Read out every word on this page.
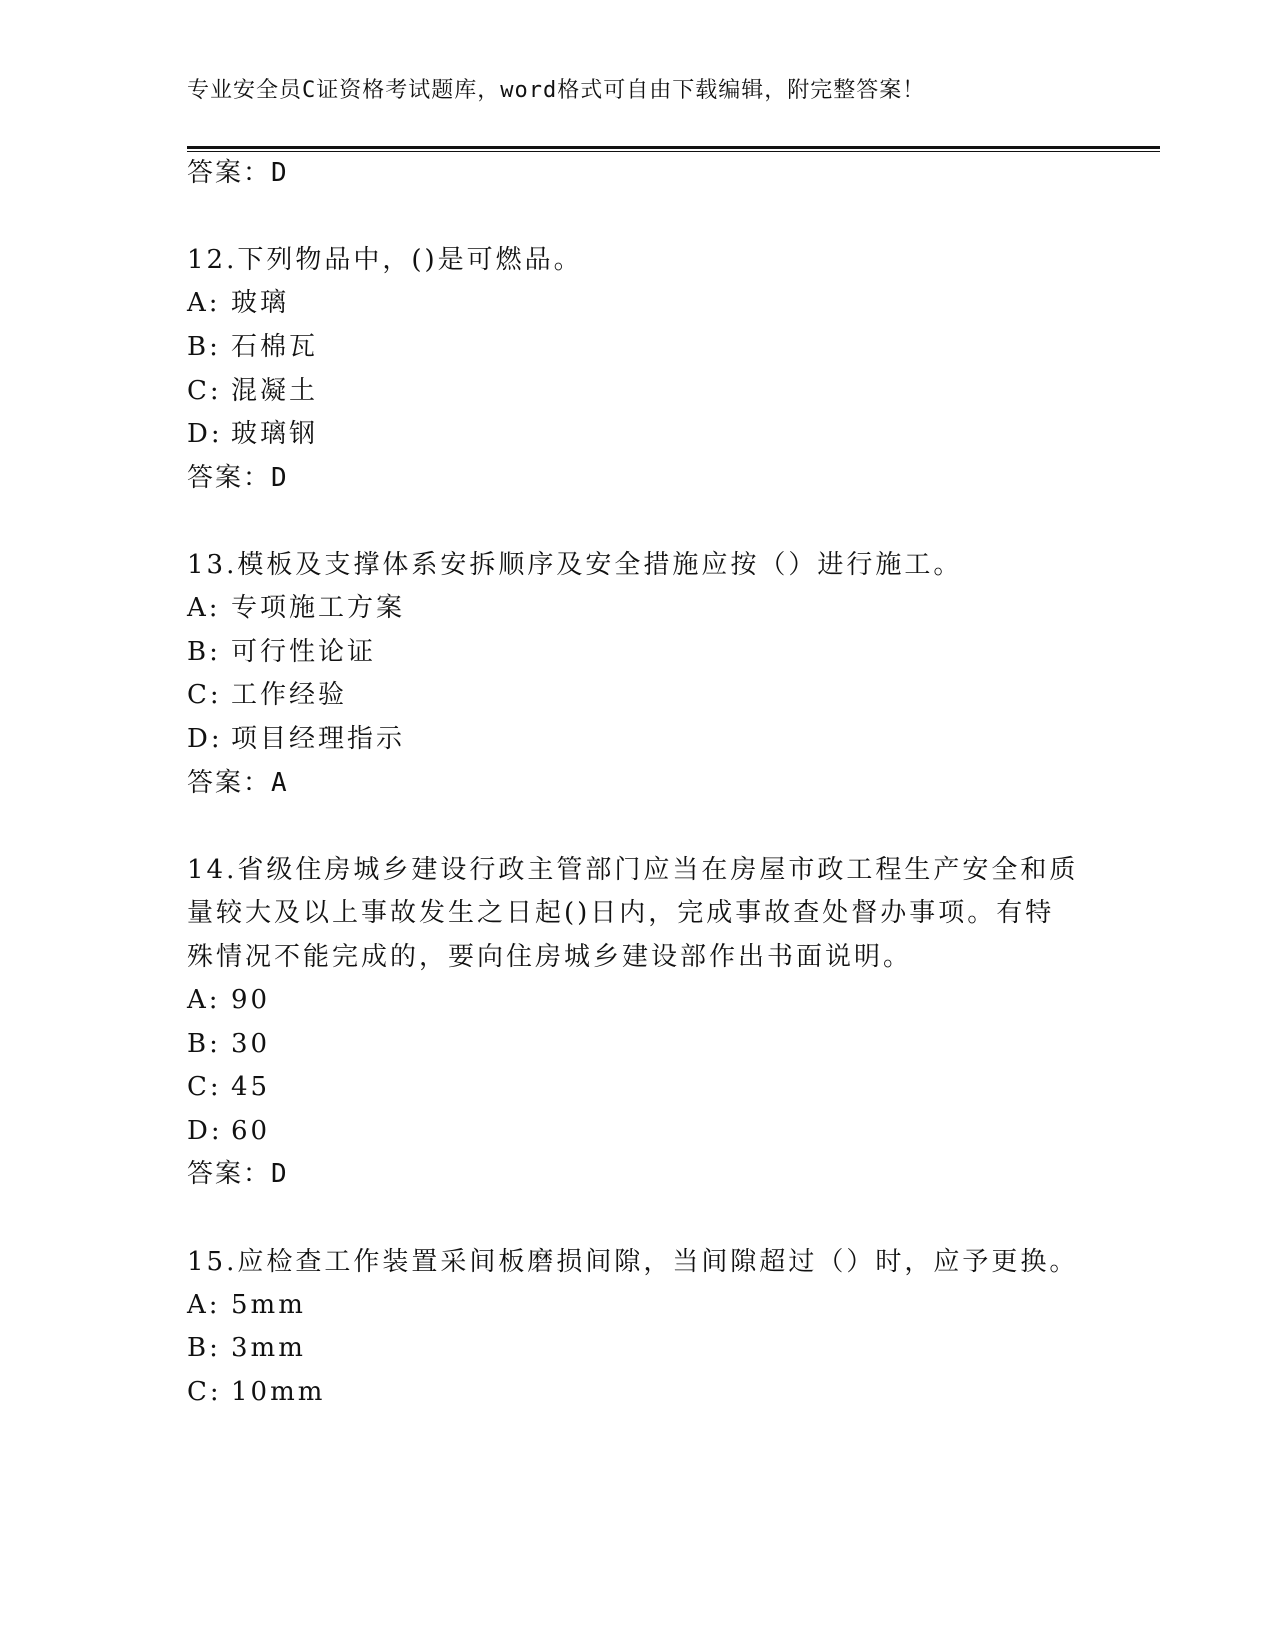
专业安全员C证资格考试题库，word格式可自由下载编辑，附完整答案！
答案：D
12.下列物品中，()是可燃品。
A: 玻璃
B: 石棉瓦
C: 混凝土
D: 玻璃钢
答案：D
13.模板及支撑体系安拆顺序及安全措施应按（）进行施工。
A: 专项施工方案
B: 可行性论证
C: 工作经验
D: 项目经理指示
答案：A
14.省级住房城乡建设行政主管部门应当在房屋市政工程生产安全和质
量较大及以上事故发生之日起()日内，完成事故查处督办事项。有特
殊情况不能完成的，要向住房城乡建设部作出书面说明。
A: 90
B: 30
C: 45
D: 60
答案：D
15.应检查工作装置采间板磨损间隙，当间隙超过（）时，应予更换。
A: 5mm
B: 3mm
C: 10mm
